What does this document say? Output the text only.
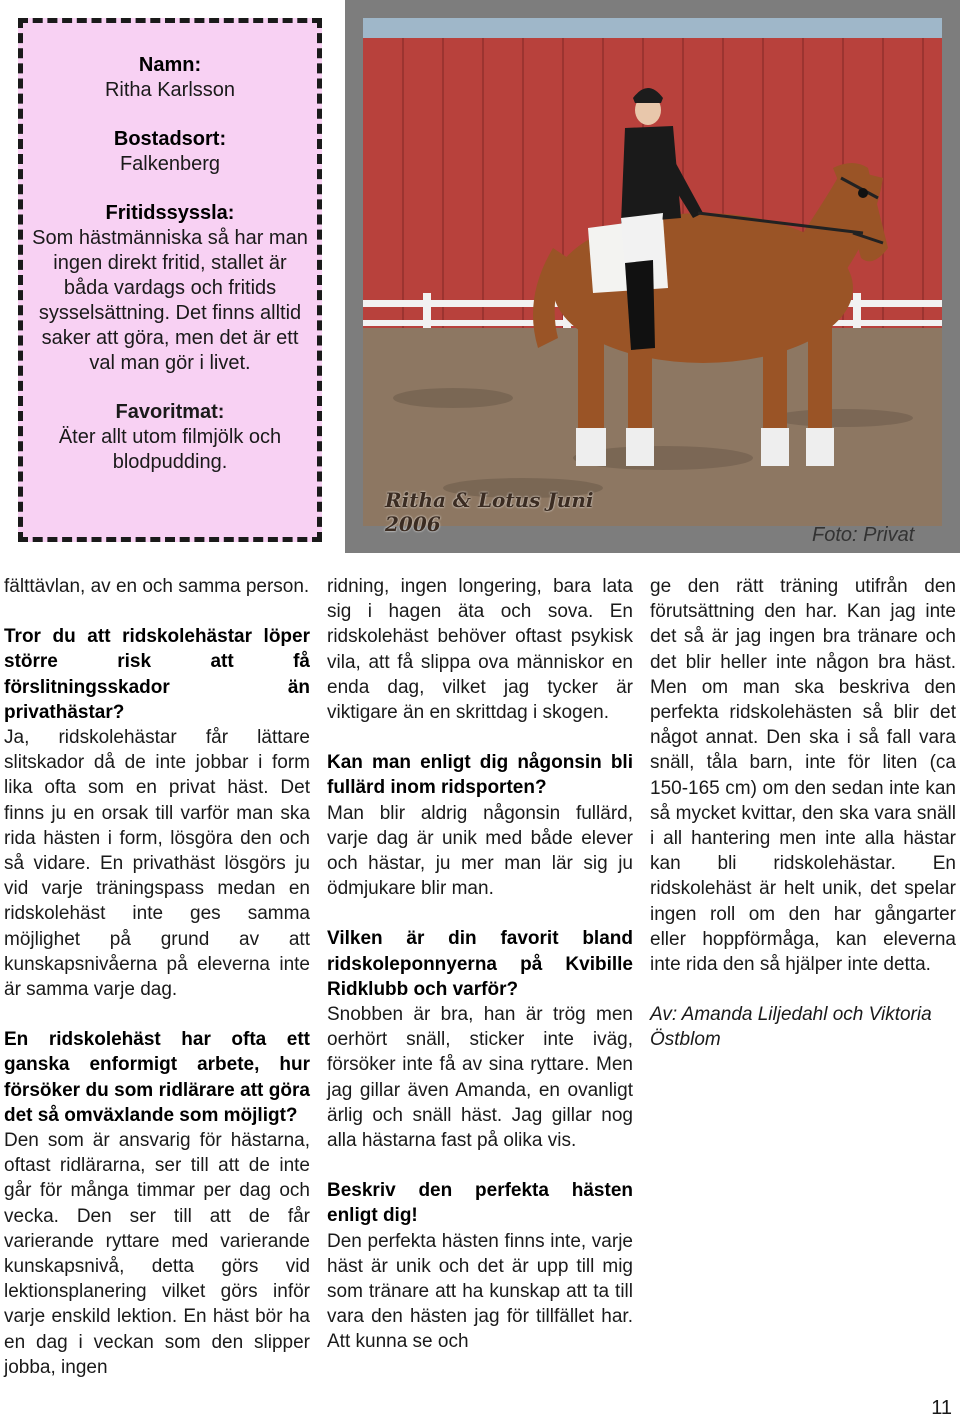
Namn:
Ritha Karlsson
Bostadsort:
Falkenberg
Fritidssyssla:
Som hästmänniska så har man ingen direkt fritid, stallet är båda vardags och fritids sysselsättning. Det finns alltid saker att göra, men det är ett val man gör i livet.
Favoritmat:
Äter allt utom filmjölk och blodpudding.
Ritha & Lotus Juni 2006	Foto: Privat

fälttävlan, av en och samma person.

Tror du att ridskolehästar löper större risk att få förslitningsskador än privathästar?

Ja, ridskolehästar får lättare slitskador då de inte jobbar i form lika ofta som en privat häst. Det finns ju en orsak till varför man ska rida hästen i form, lösgöra den och så vidare. En privathäst lösgörs ju vid varje träningspass medan en ridskolehäst inte ges samma möjlighet på grund av att kunskapsnivåerna på eleverna inte är samma varje dag.

En ridskolehäst har ofta ett ganska enformigt arbete, hur försöker du som ridlärare att göra det så omväxlande som möjligt?

Den som är ansvarig för hästarna, oftast ridlärarna, ser till att de inte går för många timmar per dag och vecka. Den ser till att de får varierande ryttare med varierande kunskapsnivå, detta görs vid lektionsplanering vilket görs inför varje enskild lektion. En häst bör ha en dag i veckan som den slipper jobba, ingen

ridning, ingen longering, bara lata sig i hagen äta och sova. En ridskolehäst behöver oftast psykisk vila, att få slippa ova människor en enda dag, vilket jag tycker är viktigare än en skrittdag i skogen.

Kan man enligt dig någonsin bli fullärd inom ridsporten?

Man blir aldrig någonsin fullärd, varje dag är unik med både elever och hästar, ju mer man lär sig ju ödmjukare blir man.

Vilken är din favorit bland ridskoleponnyerna på Kvibille Ridklubb och varför?

Snobben är bra, han är trög men oerhört snäll, sticker inte iväg, försöker inte få av sina ryttare. Men jag gillar även Amanda, en ovanligt ärlig och snäll häst. Jag gillar nog alla hästarna fast på olika vis.

Beskriv den perfekta hästen enligt dig!

Den perfekta hästen finns inte, varje häst är unik och det är upp till mig som tränare att ha kunskap att ta till vara den hästen jag för tillfället har. Att kunna se och

ge den rätt träning utifrån den förutsättning den har. Kan jag inte det så är jag ingen bra tränare och det blir heller inte någon bra häst. Men om man ska beskriva den perfekta ridskolehästen så blir det något annat. Den ska i så fall vara snäll, tåla barn, inte för liten (ca 150-165 cm) om den sedan inte kan så mycket kvittar, den ska vara snäll i all hantering men inte alla hästar kan bli ridskolehästar. En ridskolehäst är helt unik, det spelar ingen roll om den har gångarter eller hoppförmåga, kan eleverna inte rida den så hjälper inte detta.

Av: Amanda Liljedahl och Viktoria Östblom

11
